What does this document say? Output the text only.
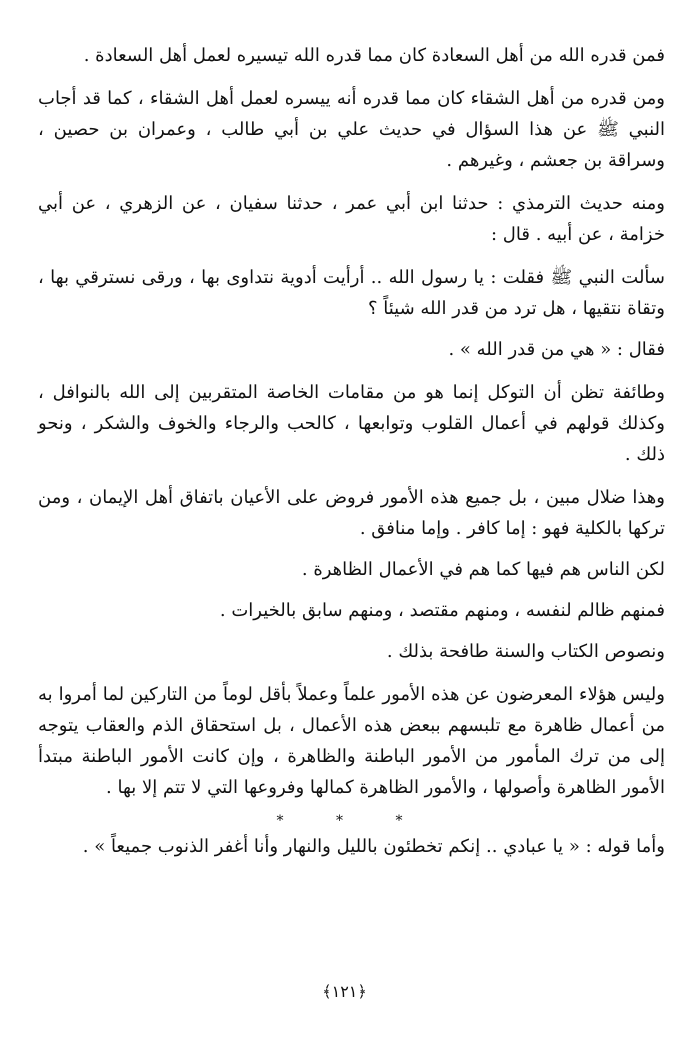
فمن قدره الله من أهل السعادة كان مما قدره الله تيسيره لعمل أهل السعادة .

ومن قدره من أهل الشقاء كان مما قدره أنه ييسره لعمل أهل الشقاء ، كما قد أجاب النبي ﷺ عن هذا السؤال في حديث علي بن أبي طالب ، وعمران بن حصين ، وسراقة بن جعشم ، وغيرهم .

ومنه حديث الترمذي : حدثنا ابن أبي عمر ، حدثنا سفيان ، عن الزهري ، عن أبي خزامة ، عن أبيه . قال :

سألت النبي ﷺ فقلت : يا رسول الله .. أرأيت أدوية نتداوى بها ، ورقى نسترقي بها ، وتقاة نتقيها ، هل ترد من قدر الله شيئاً ؟

فقال : « هي من قدر الله » .

وطائفة تظن أن التوكل إنما هو من مقامات الخاصة المتقربين إلى الله بالنوافل ، وكذلك قولهم في أعمال القلوب وتوابعها ، كالحب والرجاء والخوف والشكر ، ونحو ذلك .

وهذا ضلال مبين ، بل جميع هذه الأمور فروض على الأعيان باتفاق أهل الإيمان ، ومن تركها بالكلية فهو : إما كافر . وإما منافق .

لكن الناس هم فيها كما هم في الأعمال الظاهرة .

فمنهم ظالم لنفسه ، ومنهم مقتصد ، ومنهم سابق بالخيرات .

ونصوص الكتاب والسنة طافحة بذلك .

وليس هؤلاء المعرضون عن هذه الأمور علماً وعملاً بأقل لوماً من التاركين لما أمروا به من أعمال ظاهرة مع تلبسهم ببعض هذه الأعمال ، بل استحقاق الذم والعقاب يتوجه إلى من ترك المأمور من الأمور الباطنة والظاهرة ، وإن كانت الأمور الباطنة مبتدأ الأمور الظاهرة وأصولها ، والأمور الظاهرة كمالها وفروعها التي لا تتم إلا بها .

* * *

وأما قوله : « يا عبادي .. إنكم تخطئون بالليل والنهار وأنا أغفر الذنوب جميعاً » .

﴿١٢١﴾
